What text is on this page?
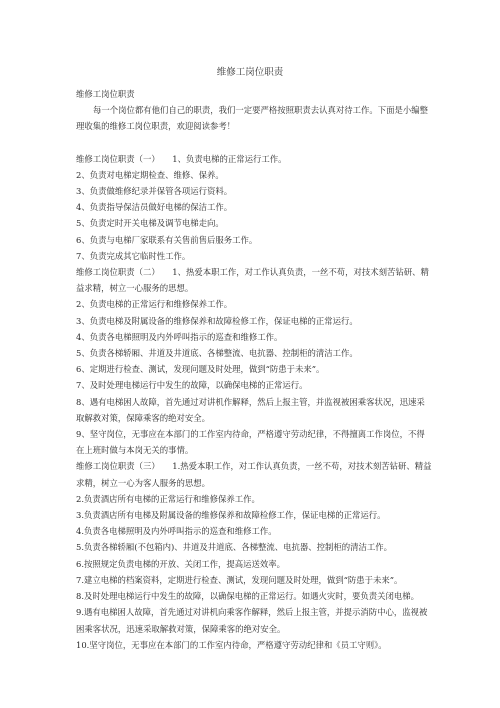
维修工岗位职责

维修工岗位职责

每一个岗位都有他们自己的职责，我们一定要严格按照职责去认真对待工作。下面是小编整理收集的维修工岗位职责，欢迎阅读参考！

维修工岗位职责（一）　　1、负责电梯的正常运行工作。

2、负责对电梯定期检查、维修、保养。

3、负责做维修纪录并保管各项运行资料。

4、负责指导保洁员做好电梯的保洁工作。

5、负责定时开关电梯及调节电梯走向。

6、负责与电梯厂家联系有关售前售后服务工作。

7、负责完成其它临时性工作。

维修工岗位职责（二）　　1、热爱本职工作，对工作认真负责，一丝不苟，对技术刻苦钻研、精益求精，树立一心服务的思想。

2、负责电梯的正常运行和维修保养工作。

3、负责电梯及附属设备的维修保养和故障检修工作，保证电梯的正常运行。

4、负责各电梯照明及内外呼叫指示的巡查和维修工作。

5、负责各梯轿厢、井道及井道底、各梯整流、电抗器、控制柜的清洁工作。

6、定期进行检查、测试，发现问题及时处理，做到“防患于未来”。

7、及时处理电梯运行中发生的故障，以确保电梯的正常运行。

8、遇有电梯困人故障，首先通过对讲机作解释，然后上报主管，并监视被困乘客状况，迅速采取解救对策，保障乘客的绝对安全。

9、坚守岗位，无事应在本部门的工作室内待命，严格遵守劳动纪律，不得擅离工作岗位，不得在上班时做与本岗无关的事情。

维修工岗位职责（三）　　1.热爱本职工作，对工作认真负责，一丝不苟，对技术刻苦钻研、精益求精，树立一心为客人服务的思想。

2.负责酒店所有电梯的正常运行和维修保养工作。

3.负责酒店所有电梯及附属设备的维修保养和故障检修工作，保证电梯的正常运行。

4.负责各电梯照明及内外呼叫指示的巡查和维修工作。

5.负责各梯轿厢(不包箱内)、井道及井道底、各梯整流、电抗器、控制柜的清洁工作。

6.按照规定负责电梯的开放、关闭工作，提高运送效率。

7.建立电梯的档案资料，定期进行检查、测试，发现问题及时处理，做到“防患于未来”。

8.及时处理电梯运行中发生的故障，以确保电梯的正常运行。如遇火灾时，要负责关闭电梯。

9.遇有电梯困人故障，首先通过对讲机向乘客作解释，然后上报主管，并提示消防中心，监视被困乘客状况，迅速采取解救对策，保障乘客的绝对安全。

10.坚守岗位，无事应在本部门的工作室内待命，严格遵守劳动纪律和《员工守则》。
